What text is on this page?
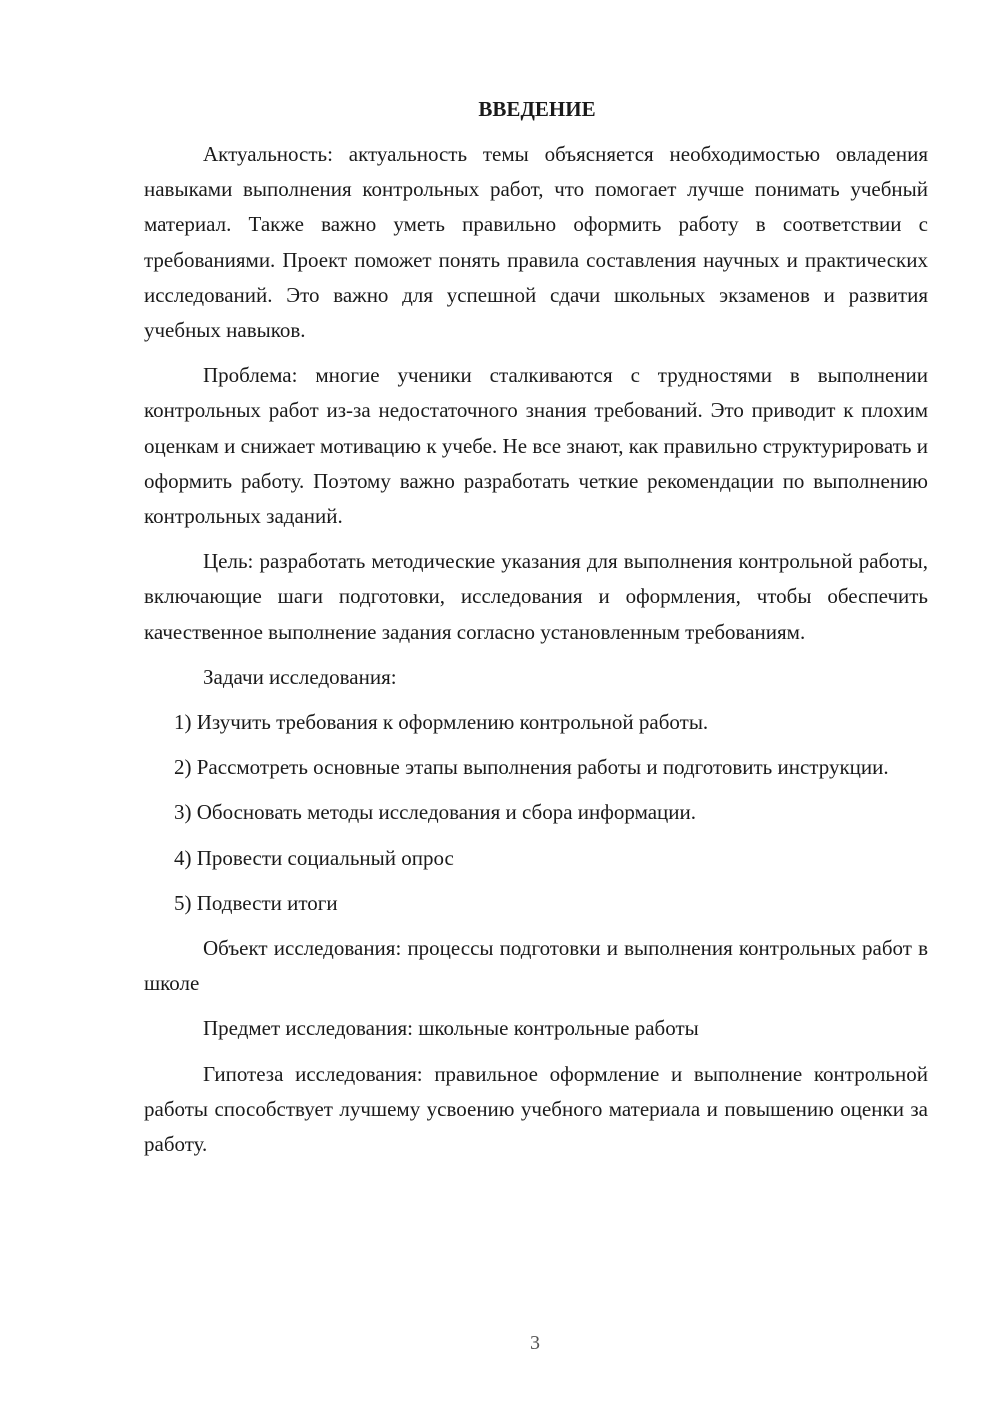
ВВЕДЕНИЕ

Актуальность: актуальность темы объясняется необходимостью овладения навыками выполнения контрольных работ, что помогает лучше понимать учебный материал. Также важно уметь правильно оформить работу в соответствии с требованиями. Проект поможет понять правила составления научных и практических исследований. Это важно для успешной сдачи школьных экзаменов и развития учебных навыков.

Проблема: многие ученики сталкиваются с трудностями в выполнении контрольных работ из-за недостаточного знания требований. Это приводит к плохим оценкам и снижает мотивацию к учебе. Не все знают, как правильно структурировать и оформить работу. Поэтому важно разработать четкие рекомендации по выполнению контрольных заданий.

Цель: разработать методические указания для выполнения контрольной работы, включающие шаги подготовки, исследования и оформления, чтобы обеспечить качественное выполнение задания согласно установленным требованиям.

Задачи исследования:

1) Изучить требования к оформлению контрольной работы.

2) Рассмотреть основные этапы выполнения работы и подготовить инструкции.

3) Обосновать методы исследования и сбора информации.

4) Провести социальный опрос

5) Подвести итоги

Объект исследования: процессы подготовки и выполнения контрольных работ в школе

Предмет исследования: школьные контрольные работы

Гипотеза исследования: правильное оформление и выполнение контрольной работы способствует лучшему усвоению учебного материала и повышению оценки за работу.

3
